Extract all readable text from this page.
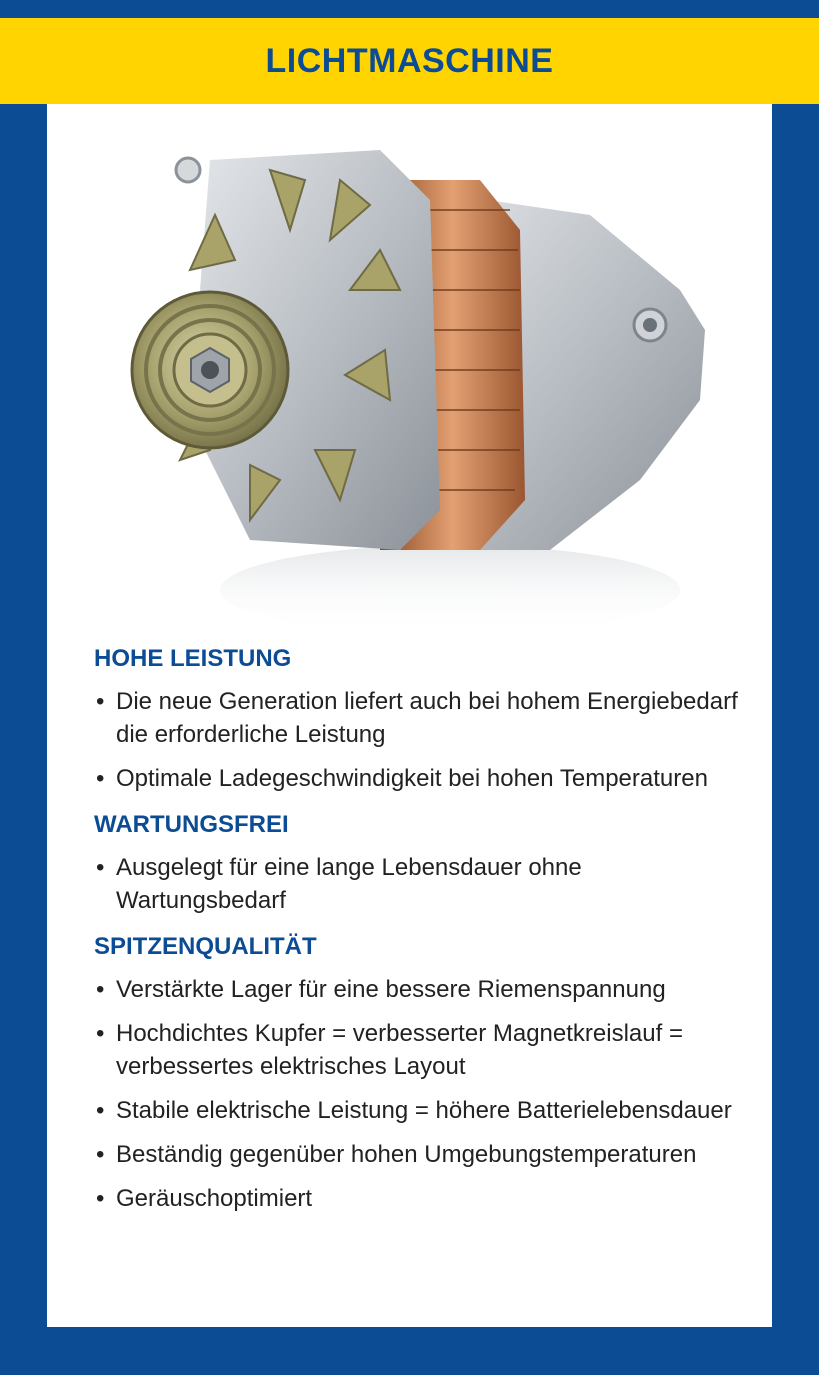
LICHTMASCHINE
HOHE LEISTUNG
• Die neue Generation liefert auch bei hohem Energiebedarf die erforderliche Leistung
• Optimale Ladegeschwindigkeit bei hohen Temperaturen
WARTUNGSFREI
• Ausgelegt für eine lange Lebensdauer ohne Wartungsbedarf
SPITZENQUALITÄT
• Verstärkte Lager für eine bessere Riemenspannung
• Hochdichtes Kupfer = verbesserter Magnetkreislauf = verbessertes elektrisches Layout
• Stabile elektrische Leistung = höhere Batterielebensdauer
• Beständig gegenüber hohen Umgebungstemperaturen
• Geräuschoptimiert
